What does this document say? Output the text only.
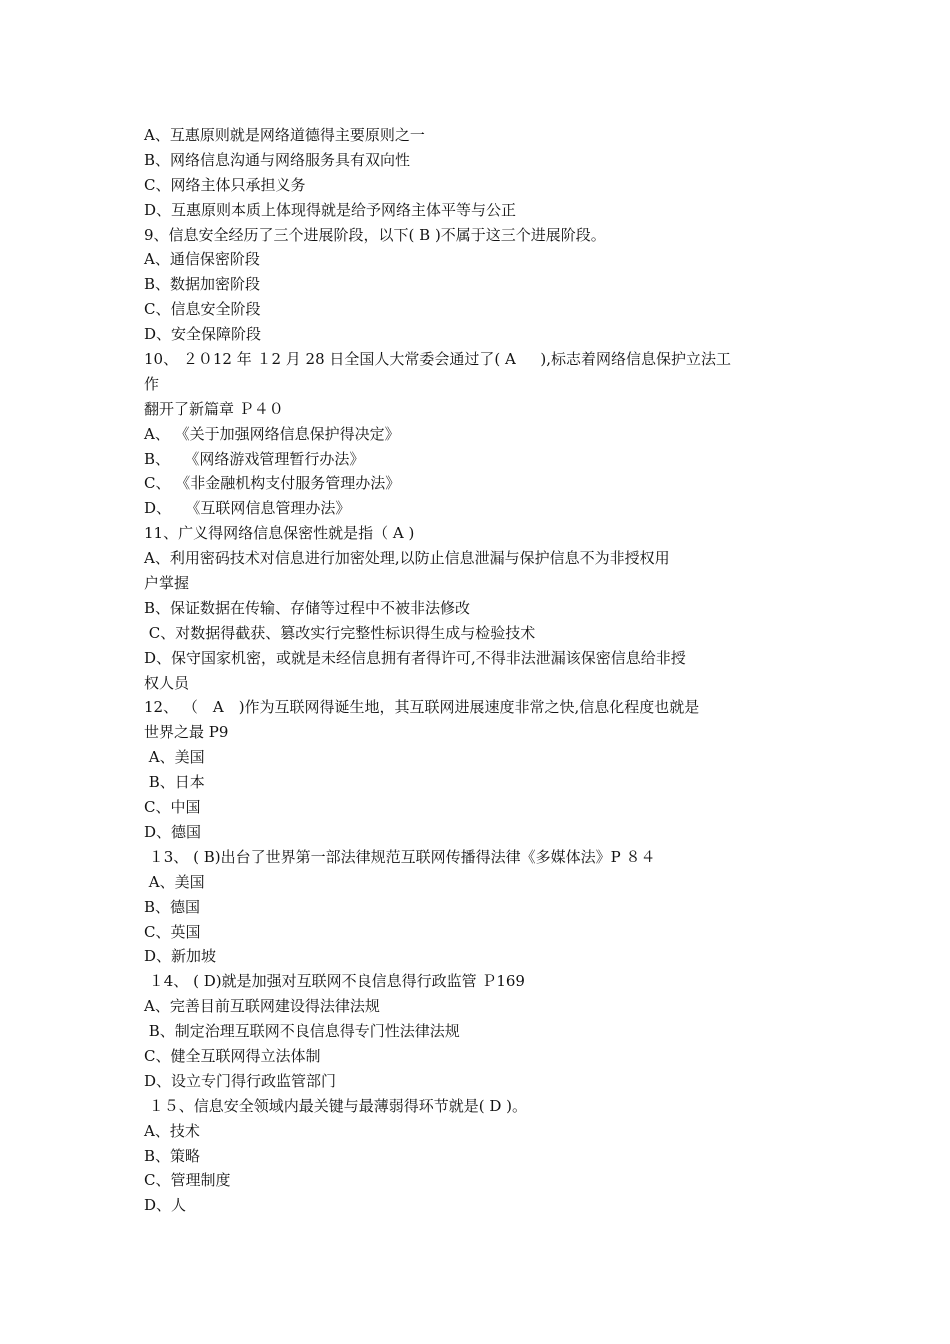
A、互惠原则就是网络道德得主要原则之一
B、网络信息沟通与网络服务具有双向性
C、网络主体只承担义务
D、互惠原则本质上体现得就是给予网络主体平等与公正
9、信息安全经历了三个进展阶段，以下( B )不属于这三个进展阶段。
A、通信保密阶段
B、数据加密阶段
C、信息安全阶段
D、安全保障阶段
10、 ２０12 年 １2 月 28 日全国人大常委会通过了( A　  ),标志着网络信息保护立法工
作
翻开了新篇章 Ｐ４０
A、 《关于加强网络信息保护得决定》
B、   《网络游戏管理暂行办法》
C、 《非金融机构支付服务管理办法》
D、   《互联网信息管理办法》
11、广义得网络信息保密性就是指（ A )
A、利用密码技术对信息进行加密处理,以防止信息泄漏与保护信息不为非授权用
户掌握
B、保证数据在传输、存储等过程中不被非法修改
C、对数据得截获、篡改实行完整性标识得生成与检验技术
D、保守国家机密，或就是未经信息拥有者得许可,不得非法泄漏该保密信息给非授
权人员
12、 （　A　)作为互联网得诞生地，其互联网进展速度非常之快,信息化程度也就是
世界之最 P9
A、美国
B、日本
C、中国
D、德国
１3、 ( B)出台了世界第一部法律规范互联网传播得法律《多媒体法》P ８４
A、美国
B、德国
C、英国
D、新加坡
１4、 ( D)就是加强对互联网不良信息得行政监管 Ｐ169
A、完善目前互联网建设得法律法规
B、制定治理互联网不良信息得专门性法律法规
C、健全互联网得立法体制
D、设立专门得行政监管部门
１５、信息安全领域内最关键与最薄弱得环节就是( D )。
A、技术
B、策略
C、管理制度
D、人
